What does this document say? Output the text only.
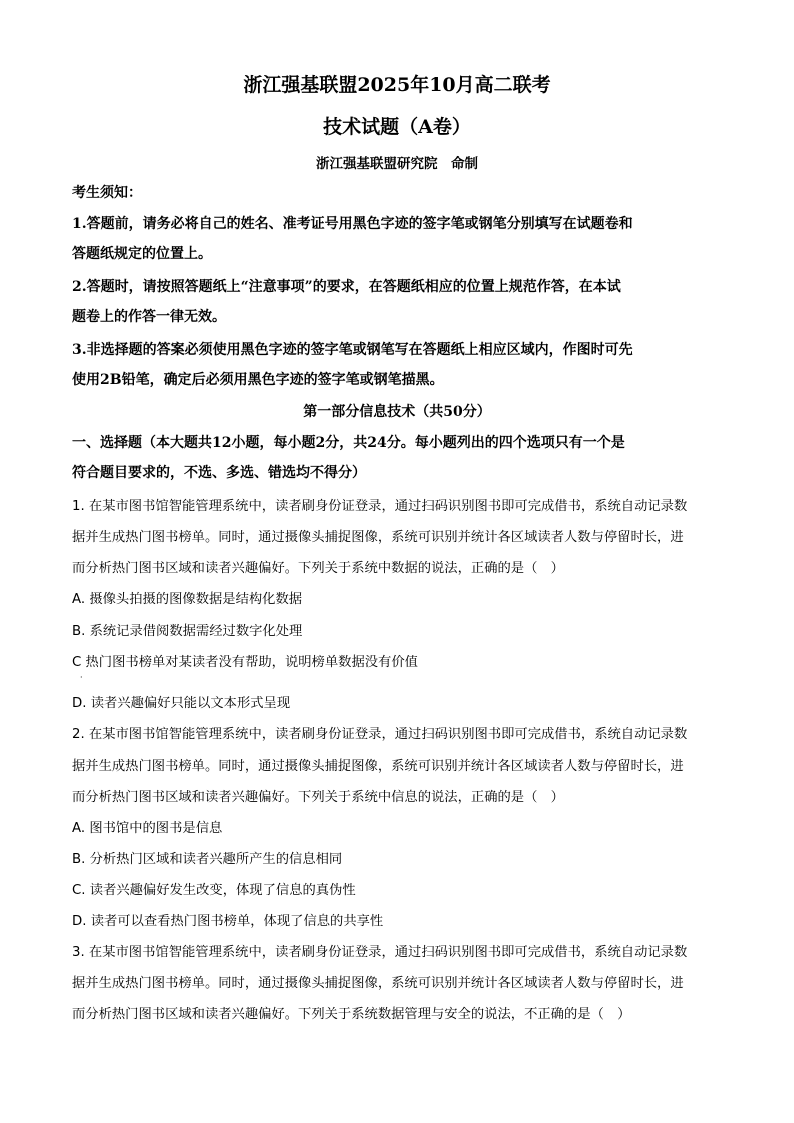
浙江强基联盟2025年10月高二联考
技术试题（A卷）
浙江强基联盟研究院　命制
考生须知：
1.答题前，请务必将自己的姓名、准考证号用黑色字迹的签字笔或钢笔分别填写在试题卷和
答题纸规定的位置上。
2.答题时，请按照答题纸上“注意事项”的要求，在答题纸相应的位置上规范作答，在本试
题卷上的作答一律无效。
3.非选择题的答案必须使用黑色字迹的签字笔或钢笔写在答题纸上相应区域内，作图时可先
使用2B铅笔，确定后必须用黑色字迹的签字笔或钢笔描黑。
第一部分信息技术（共50分）
一、选择题（本大题共12小题，每小题2分，共24分。每小题列出的四个选项只有一个是
符合题目要求的，不选、多选、错选均不得分）
1. 在某市图书馆智能管理系统中，读者刷身份证登录，通过扫码识别图书即可完成借书，系统自动记录数
据并生成热门图书榜单。同时，通过摄像头捕捉图像，系统可识别并统计各区域读者人数与停留时长，进
而分析热门图书区域和读者兴趣偏好。下列关于系统中数据的说法，正确的是（　）
A. 摄像头拍摄的图像数据是结构化数据
B. 系统记录借阅数据需经过数字化处理
C 热门图书榜单对某读者没有帮助，说明榜单数据没有价值
·
D. 读者兴趣偏好只能以文本形式呈现
2. 在某市图书馆智能管理系统中，读者刷身份证登录，通过扫码识别图书即可完成借书，系统自动记录数
据并生成热门图书榜单。同时，通过摄像头捕捉图像，系统可识别并统计各区域读者人数与停留时长，进
而分析热门图书区域和读者兴趣偏好。下列关于系统中信息的说法，正确的是（　）
A. 图书馆中的图书是信息
B. 分析热门区域和读者兴趣所产生的信息相同
C. 读者兴趣偏好发生改变，体现了信息的真伪性
D. 读者可以查看热门图书榜单，体现了信息的共享性
3. 在某市图书馆智能管理系统中，读者刷身份证登录，通过扫码识别图书即可完成借书，系统自动记录数
据并生成热门图书榜单。同时，通过摄像头捕捉图像，系统可识别并统计各区域读者人数与停留时长，进
而分析热门图书区域和读者兴趣偏好。下列关于系统数据管理与安全的说法，不正确的是（　）
